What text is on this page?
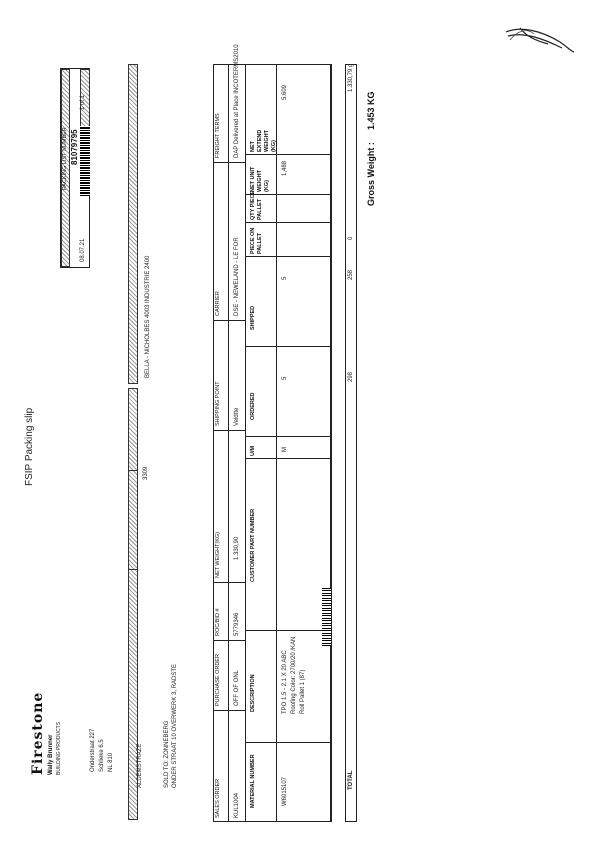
FSIP Packing slip
Firestone Wally Brunner BUILDING PRODUCTS	Onderstraat 227 Schlieke 6.5 NL 810
81079795
PACKING LIST NUMBER
08.07.21
1 of 1
ALDEMSTRAZE	SOLD TO: ZONNEBERG ONDER STRAAT 10 OVERWERK 3, RADSTE
3309
BELLA - NICHOLBES 4003 INDUSTRIE 2400
SALES ORDER KUL1004
PURCHASE ORDER OFF OF ONL
ROC/BID # 5779346
NET WEIGHT(KG) 1.330,90
SHIPPING POINT Veldtte
CARRIER DSE - NEWELAND - LE FOR
FREIGHT TERMS DAP Delivered at Place INCOTERMS2010
MATERIAL NUMBER
DESCRIPTION
CUSTOMER PART NUMBER
U/M
ORDERED
SHIPPED
PIECE ON PALLET
QTY PIECE PALLET
NET UNIT WEIGHT (KG)
NET EXTEND WEIGHT (KG)
W6015107
TPO 1.5 - 2.1 X 20 ABC Roofing Color: 2700/20 /KAN Roll Pallet 1 (87)
M
5
5
1,488
5.609
TOTAL
298
258
0
1.330,79 g
Gross Weight :
1.453 KG
